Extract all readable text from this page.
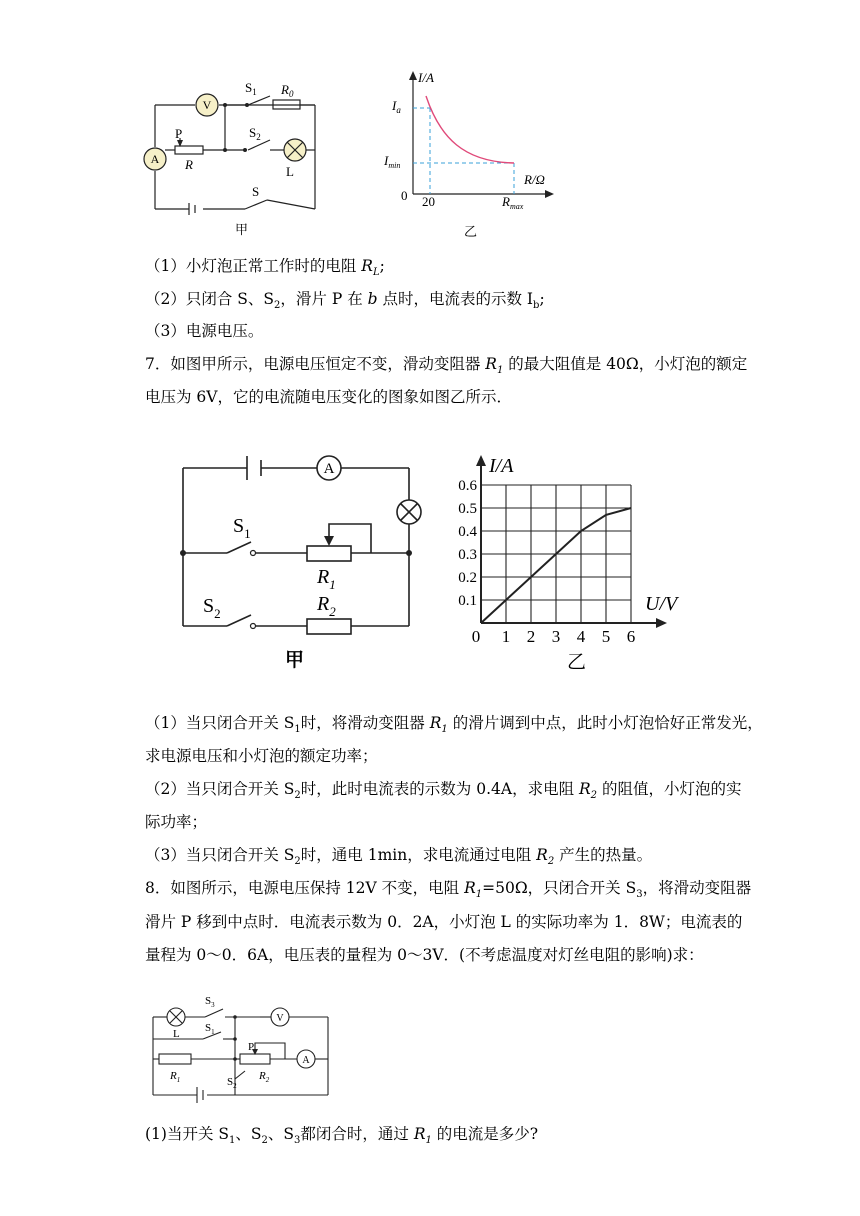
V
A
$S_1$ $R_0$
P
R
$S_2$
L
S
甲
I/A
R/Ω
$I_a$
$I_{min}$
0 20	$R_{max}$
乙
（1）小灯泡正常工作时的电阻 $R_L$;
（2）只闭合 S、$S_2$，滑片 P 在 b 点时，电流表的示数 $I_b$;
（3）电源电压。
7．如图甲所示，电源电压恒定不变，滑动变阻器 $R_1$ 的最大阻值是 40Ω，小灯泡的额定
电压为 6V，它的电流随电压变化的图象如图乙所示．
A
$S_1$
$R_1$
$S_2$	$R_2$
甲
0.6
0.5
0.4
0.3
0.2
0.1
0 1 2 3 4 5 6
I/A
U/V
乙
（1）当只闭合开关 $S_1$时，将滑动变阻器 $R_1$ 的滑片调到中点，此时小灯泡恰好正常发光，
求电源电压和小灯泡的额定功率；
（2）当只闭合开关 $S_2$时，此时电流表的示数为 0.4A，求电阻 $R_2$ 的阻值，小灯泡的实
际功率；
（3）当只闭合开关 $S_2$时，通电 1min，求电流通过电阻 $R_2$ 产生的热量。
8．如图所示，电源电压保持 12V 不变，电阻 $R_1=50\Omega$，只闭合开关 $S_3$，将滑动变阻器
滑片 P 移到中点时．电流表示数为 0．2A，小灯泡 L 的实际功率为 1．8W；电流表的
量程为 0～0．6A，电压表的量程为 0～3V．(不考虑温度对灯丝电阻的影响)求：
L
$S_3$
$S_1$
V
P
A
$R_1$	$S_2$
$R_2$
(1)当开关 $S_1$、$S_2$、$S_3$都闭合时，通过 $R_1$ 的电流是多少?
